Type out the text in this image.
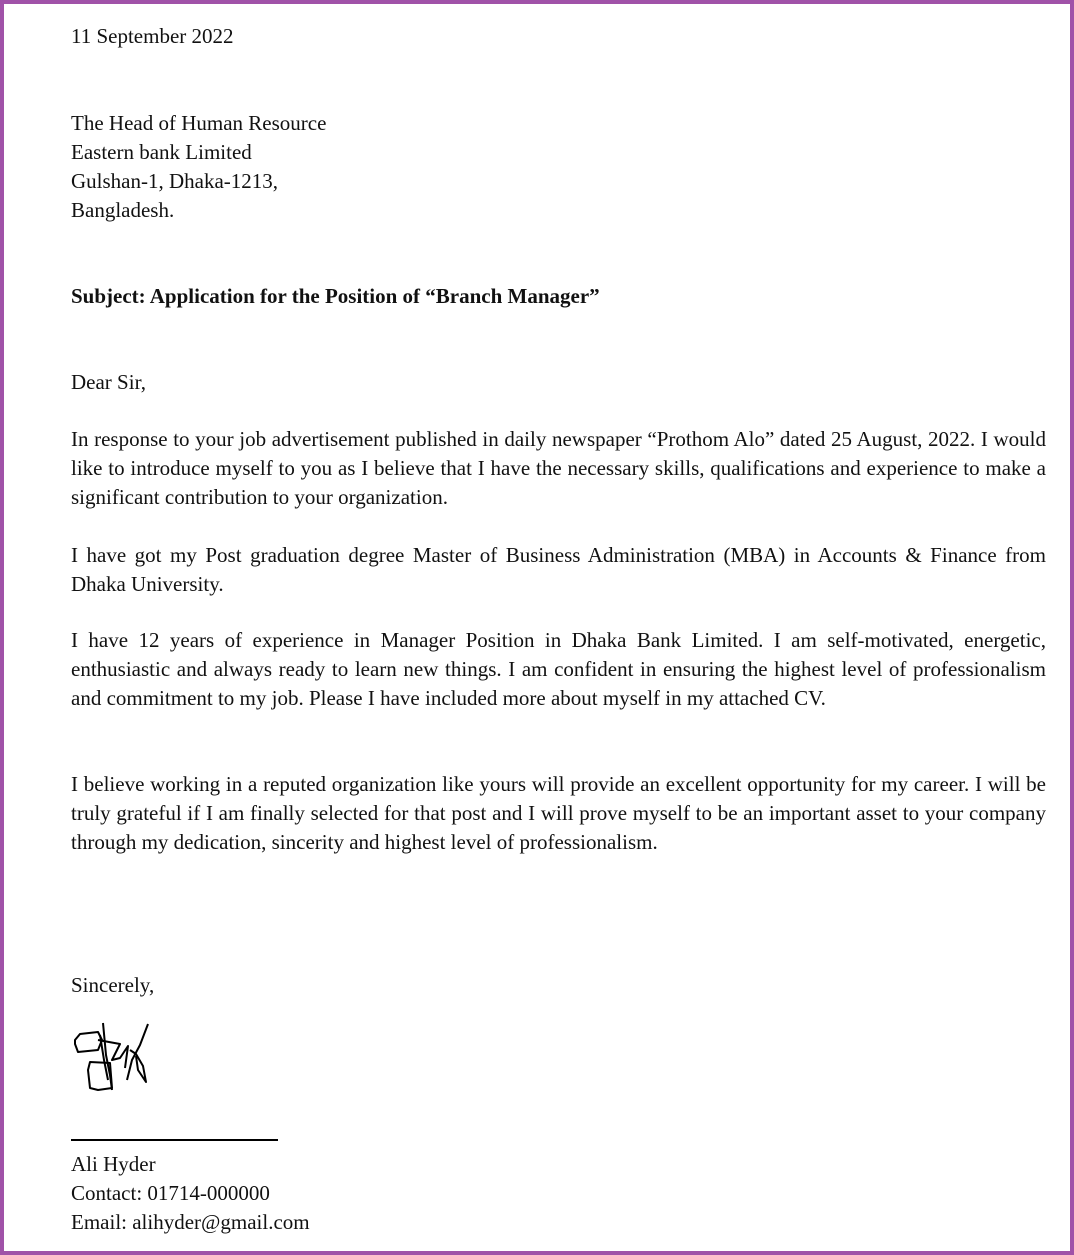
11 September 2022

The Head of Human Resource

Eastern bank Limited

Gulshan-1, Dhaka-1213,

Bangladesh.

Subject: Application for the Position of “Branch Manager”
Dear Sir,
In response to your job advertisement published in daily newspaper “Prothom Alo” dated 25 August, 2022. I would like to introduce myself to you as I believe that I have the necessary skills, qualifications and experience to make a significant contribution to your organization.
I have got my Post graduation degree Master of Business Administration (MBA) in Accounts & Finance from Dhaka University.
I have 12 years of experience in Manager Position in Dhaka Bank Limited. I am self-motivated, energetic, enthusiastic and always ready to learn new things. I am confident in ensuring the highest level of professionalism and commitment to my job. Please I have included more about myself in my attached CV.
I believe working in a reputed organization like yours will provide an excellent opportunity for my career. I will be truly grateful if I am finally selected for that post and I will prove myself to be an important asset to your company through my dedication, sincerity and highest level of professionalism.
Sincerely,

Ali Hyder

Contact: 01714-000000

Email: alihyder@gmail.com
